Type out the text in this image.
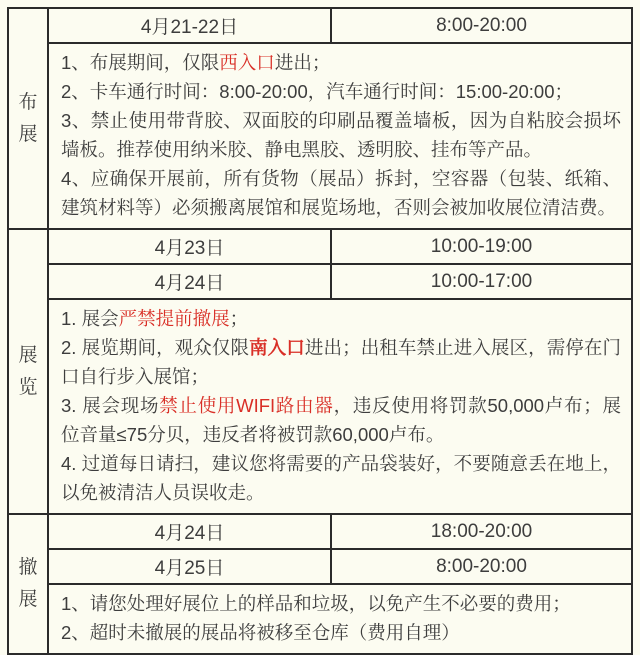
布展	4月21-22日	8:00-20:00

	1、布展期间，仅限西入口进出；

2、卡车通行时间：8:00-20:00，汽车通行时间：15:00-20:00；

3、禁止使用带背胶、双面胶的印刷品覆盖墙板，因为自粘胶会损坏墙板。推荐使用纳米胶、静电黑胶、透明胶、挂布等产品。

4、应确保开展前，所有货物（展品）拆封，空容器（包装、纸箱、建筑材料等）必须搬离展馆和展览场地，否则会被加收展位清洁费。	

展览	4月23日	10:00-19:00
	4月24日	10:00-17:00

	1. 展会严禁提前撤展；

2. 展览期间，观众仅限南入口进出；出租车禁止进入展区，需停在门口自行步入展馆；

3. 展会现场禁止使用WIFI路由器，违反使用将罚款50,000卢布；展位音量≤75分贝，违反者将被罚款60,000卢布。

4. 过道每日请扫，建议您将需要的产品袋装好，不要随意丢在地上，以免被清洁人员误收走。	

撤展	4月24日	18:00-20:00
	4月25日	8:00-20:00

	1、请您处理好展位上的样品和垃圾，以免产生不必要的费用；

2、超时未撤展的展品将被移至仓库（费用自理）	
